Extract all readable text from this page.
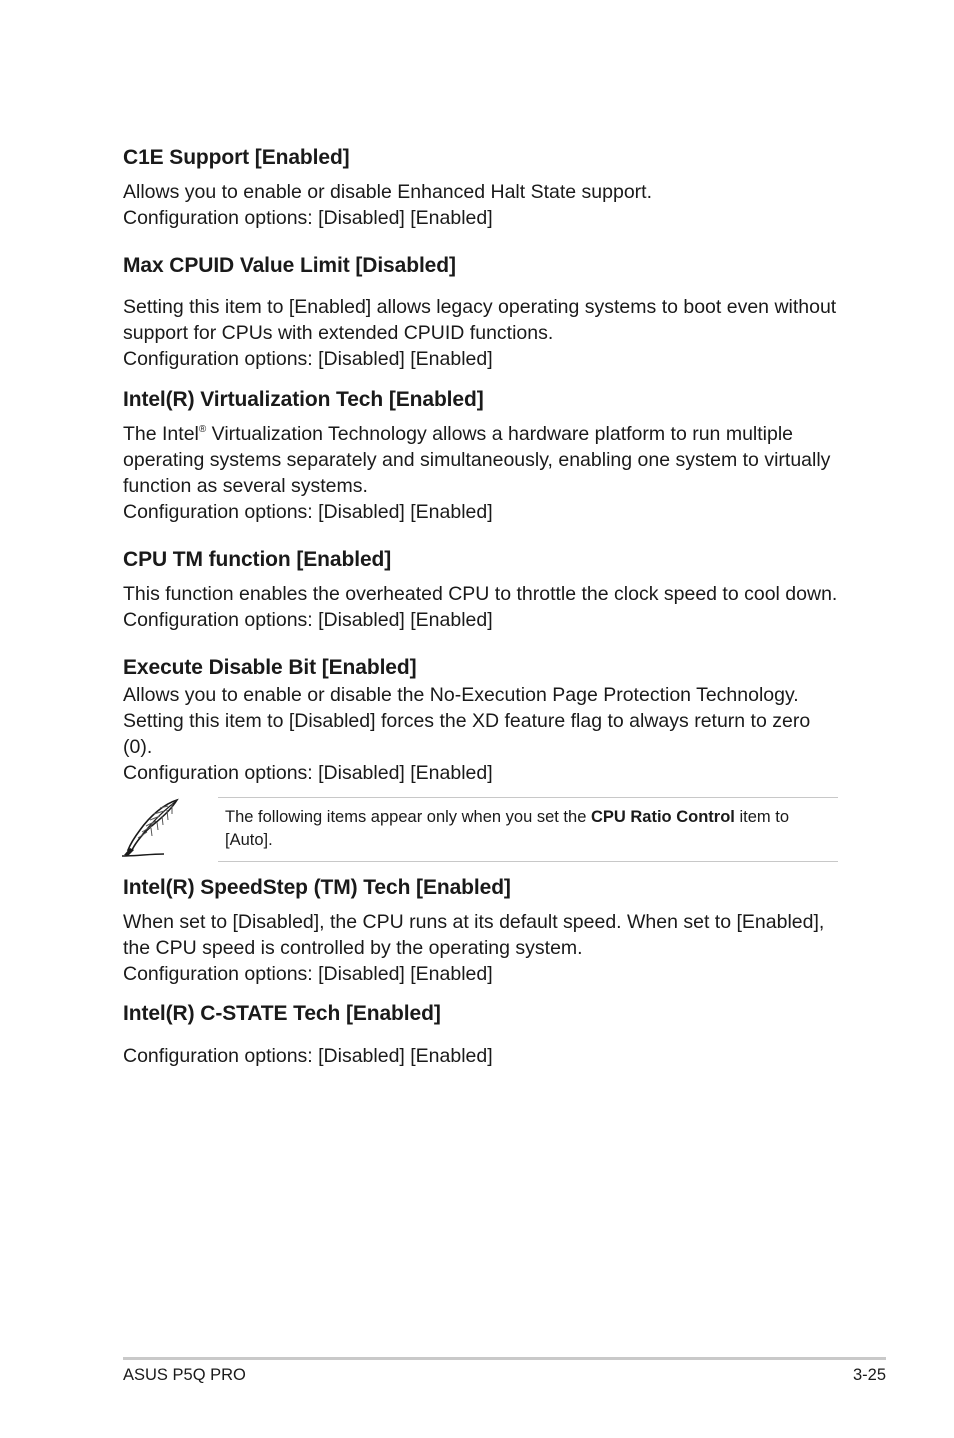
C1E Support [Enabled]

Allows you to enable or disable Enhanced Halt State support.

Configuration options: [Disabled] [Enabled]

Max CPUID Value Limit [Disabled]

Setting this item to [Enabled] allows legacy operating systems to boot even without

support for CPUs with extended CPUID functions.

Configuration options: [Disabled] [Enabled]

Intel(R) Virtualization Tech [Enabled]

The Intel® Virtualization Technology allows a hardware platform to run multiple

operating systems separately and simultaneously, enabling one system to virtually

function as several systems.

Configuration options: [Disabled] [Enabled]

CPU TM function [Enabled]

This function enables the overheated CPU to throttle the clock speed to cool down.

Configuration options: [Disabled] [Enabled]

Execute Disable Bit [Enabled]

Allows you to enable or disable the No-Execution Page Protection Technology.

Setting this item to [Disabled] forces the XD feature flag to always return to zero

(0).

Configuration options: [Disabled] [Enabled]

The following items appear only when you set the CPU Ratio Control item to
[Auto].
Intel(R) SpeedStep (TM) Tech [Enabled]

When set to [Disabled], the CPU runs at its default speed. When set to [Enabled],

the CPU speed is controlled by the operating system.

Configuration options: [Disabled] [Enabled]

Intel(R) C-STATE Tech [Enabled]

Configuration options: [Disabled] [Enabled]

ASUS P5Q PRO	3-25
